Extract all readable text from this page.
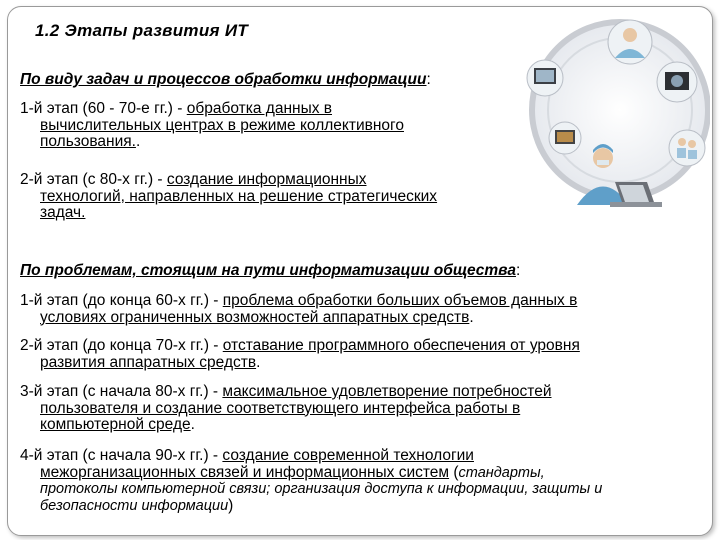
1.2 Этапы развития ИТ
По виду задач и процессов обработки информации:
1-й этап (60 - 70-е гг.) - обработка данных в
вычислительных центрах в режиме коллективного
пользования..
2-й этап (с 80-х гг.) - создание информационных
технологий, направленных на решение стратегических
задач.
По проблемам, стоящим на пути информатизации общества:
1-й этап (до конца 60-х гг.) - проблема обработки больших объемов данных в
условиях ограниченных возможностей аппаратных средств.
2-й этап (до конца 70-х гг.) - отставание программного обеспечения от уровня
развития аппаратных средств.
3-й этап (с начала 80-х гг.) - максимальное удовлетворение потребностей
пользователя и создание соответствующего интерфейса работы в
компьютерной среде.
4-й этап (с начала 90-х гг.) - создание современной технологии
межорганизационных связей и информационных систем (стандарты,
протоколы компьютерной связи; организация доступа к информации, защиты и
безопасности информации)
